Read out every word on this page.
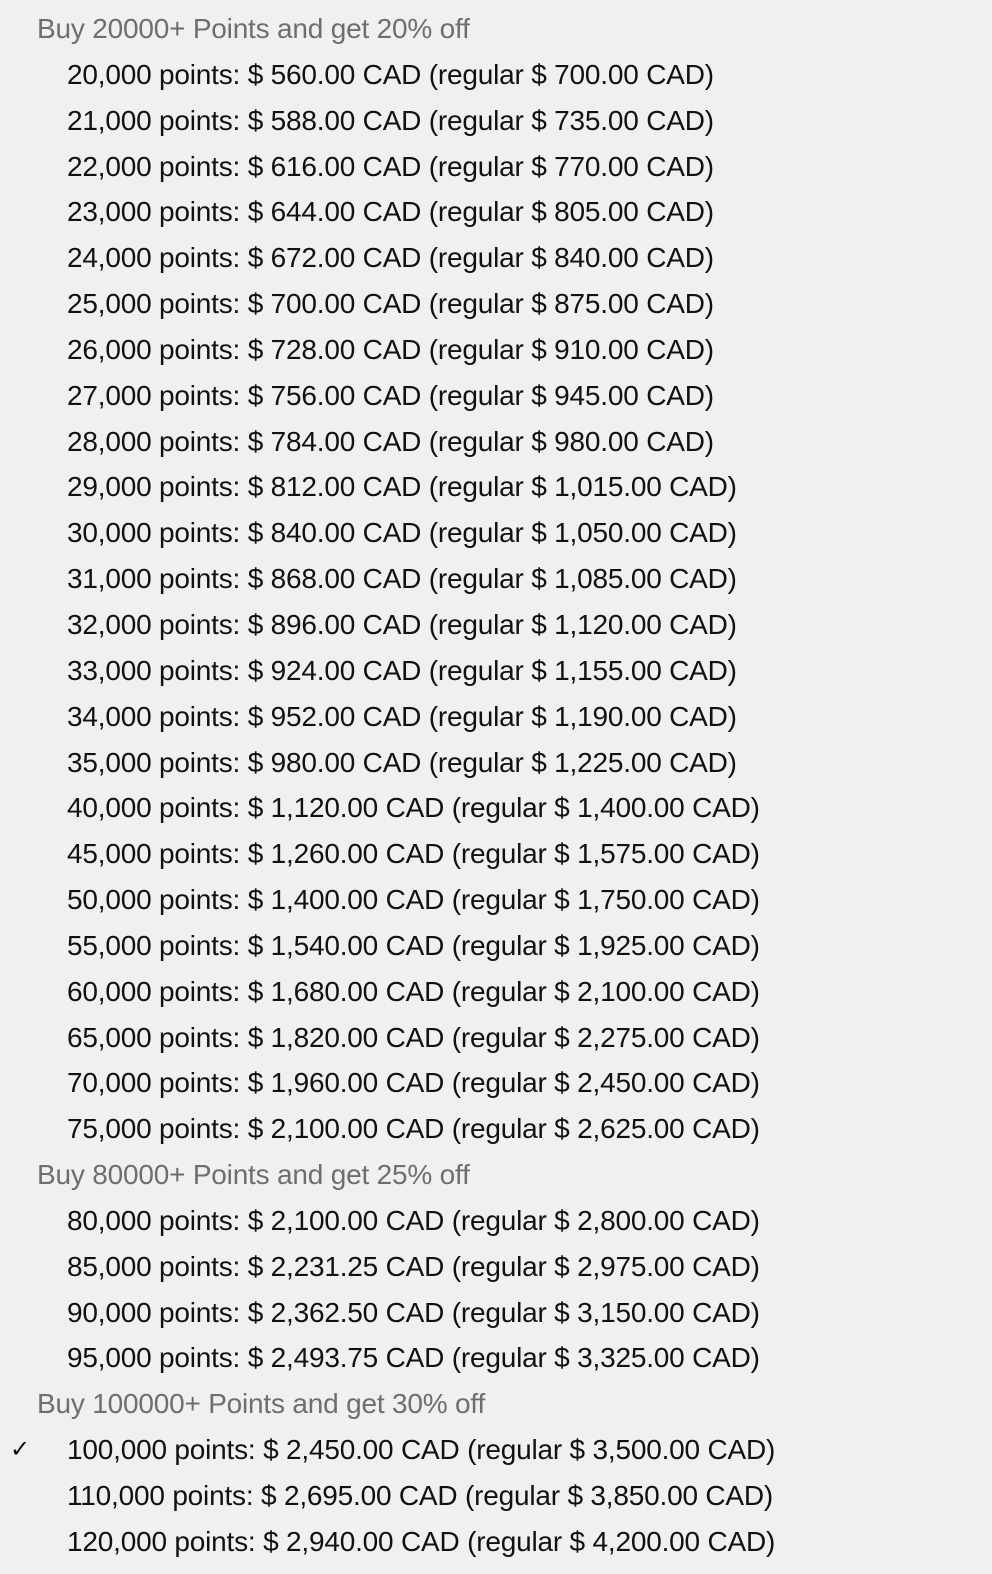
Buy 20000+ Points and get 20% off
20,000 points: $ 560.00 CAD (regular $ 700.00 CAD)
21,000 points: $ 588.00 CAD (regular $ 735.00 CAD)
22,000 points: $ 616.00 CAD (regular $ 770.00 CAD)
23,000 points: $ 644.00 CAD (regular $ 805.00 CAD)
24,000 points: $ 672.00 CAD (regular $ 840.00 CAD)
25,000 points: $ 700.00 CAD (regular $ 875.00 CAD)
26,000 points: $ 728.00 CAD (regular $ 910.00 CAD)
27,000 points: $ 756.00 CAD (regular $ 945.00 CAD)
28,000 points: $ 784.00 CAD (regular $ 980.00 CAD)
29,000 points: $ 812.00 CAD (regular $ 1,015.00 CAD)
30,000 points: $ 840.00 CAD (regular $ 1,050.00 CAD)
31,000 points: $ 868.00 CAD (regular $ 1,085.00 CAD)
32,000 points: $ 896.00 CAD (regular $ 1,120.00 CAD)
33,000 points: $ 924.00 CAD (regular $ 1,155.00 CAD)
34,000 points: $ 952.00 CAD (regular $ 1,190.00 CAD)
35,000 points: $ 980.00 CAD (regular $ 1,225.00 CAD)
40,000 points: $ 1,120.00 CAD (regular $ 1,400.00 CAD)
45,000 points: $ 1,260.00 CAD (regular $ 1,575.00 CAD)
50,000 points: $ 1,400.00 CAD (regular $ 1,750.00 CAD)
55,000 points: $ 1,540.00 CAD (regular $ 1,925.00 CAD)
60,000 points: $ 1,680.00 CAD (regular $ 2,100.00 CAD)
65,000 points: $ 1,820.00 CAD (regular $ 2,275.00 CAD)
70,000 points: $ 1,960.00 CAD (regular $ 2,450.00 CAD)
75,000 points: $ 2,100.00 CAD (regular $ 2,625.00 CAD)
Buy 80000+ Points and get 25% off
80,000 points: $ 2,100.00 CAD (regular $ 2,800.00 CAD)
85,000 points: $ 2,231.25 CAD (regular $ 2,975.00 CAD)
90,000 points: $ 2,362.50 CAD (regular $ 3,150.00 CAD)
95,000 points: $ 2,493.75 CAD (regular $ 3,325.00 CAD)
Buy 100000+ Points and get 30% off
✓ 100,000 points: $ 2,450.00 CAD (regular $ 3,500.00 CAD)
110,000 points: $ 2,695.00 CAD (regular $ 3,850.00 CAD)
120,000 points: $ 2,940.00 CAD (regular $ 4,200.00 CAD)
